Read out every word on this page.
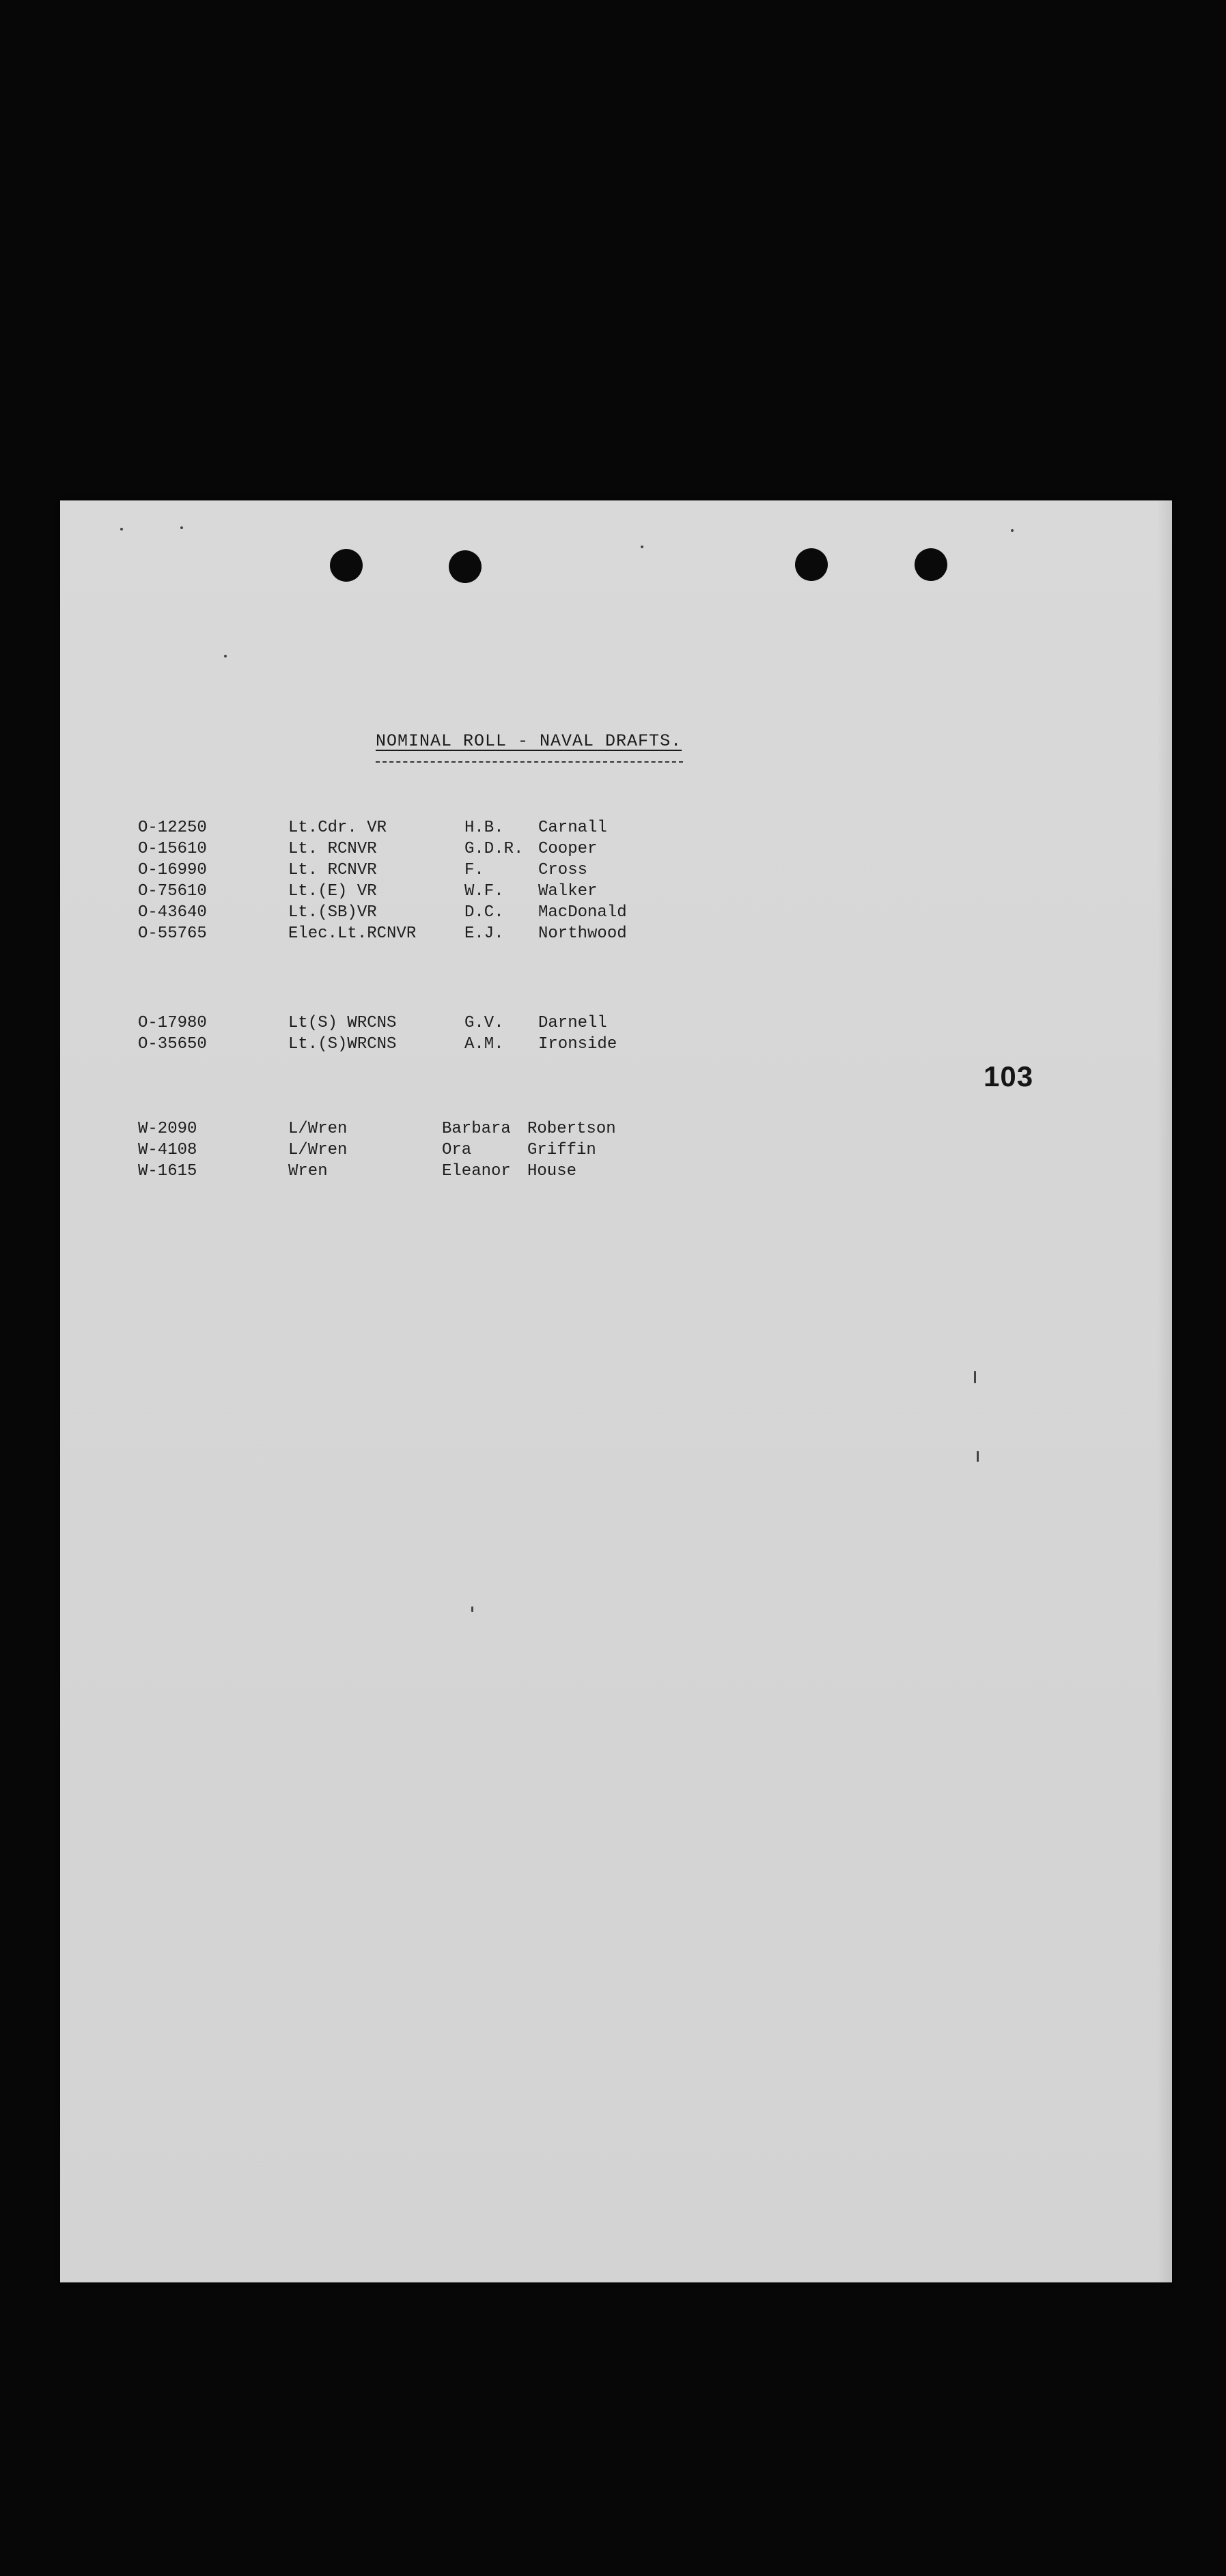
NOMINAL ROLL - NAVAL DRAFTS.
O-12250	Lt.Cdr. VR	H.B. Carnall
O-15610	Lt. RCNVR	G.D.R. Cooper
O-16990	Lt. RCNVR	F.	Cross
O-75610	Lt.(E) VR	W.F. Walker
O-43640	Lt.(SB)VR	D.C. MacDonald
O-55765	Elec.Lt.RCNVR	E.J. Northwood
O-17980	Lt(S) WRCNS	G.V. Darnell
O-35650	Lt.(S)WRCNS	A.M. Ironside
103
W-2090	L/Wren	Barbara Robertson
W-4108	L/Wren	Ora	Griffin
W-1615	Wren	Eleanor House
